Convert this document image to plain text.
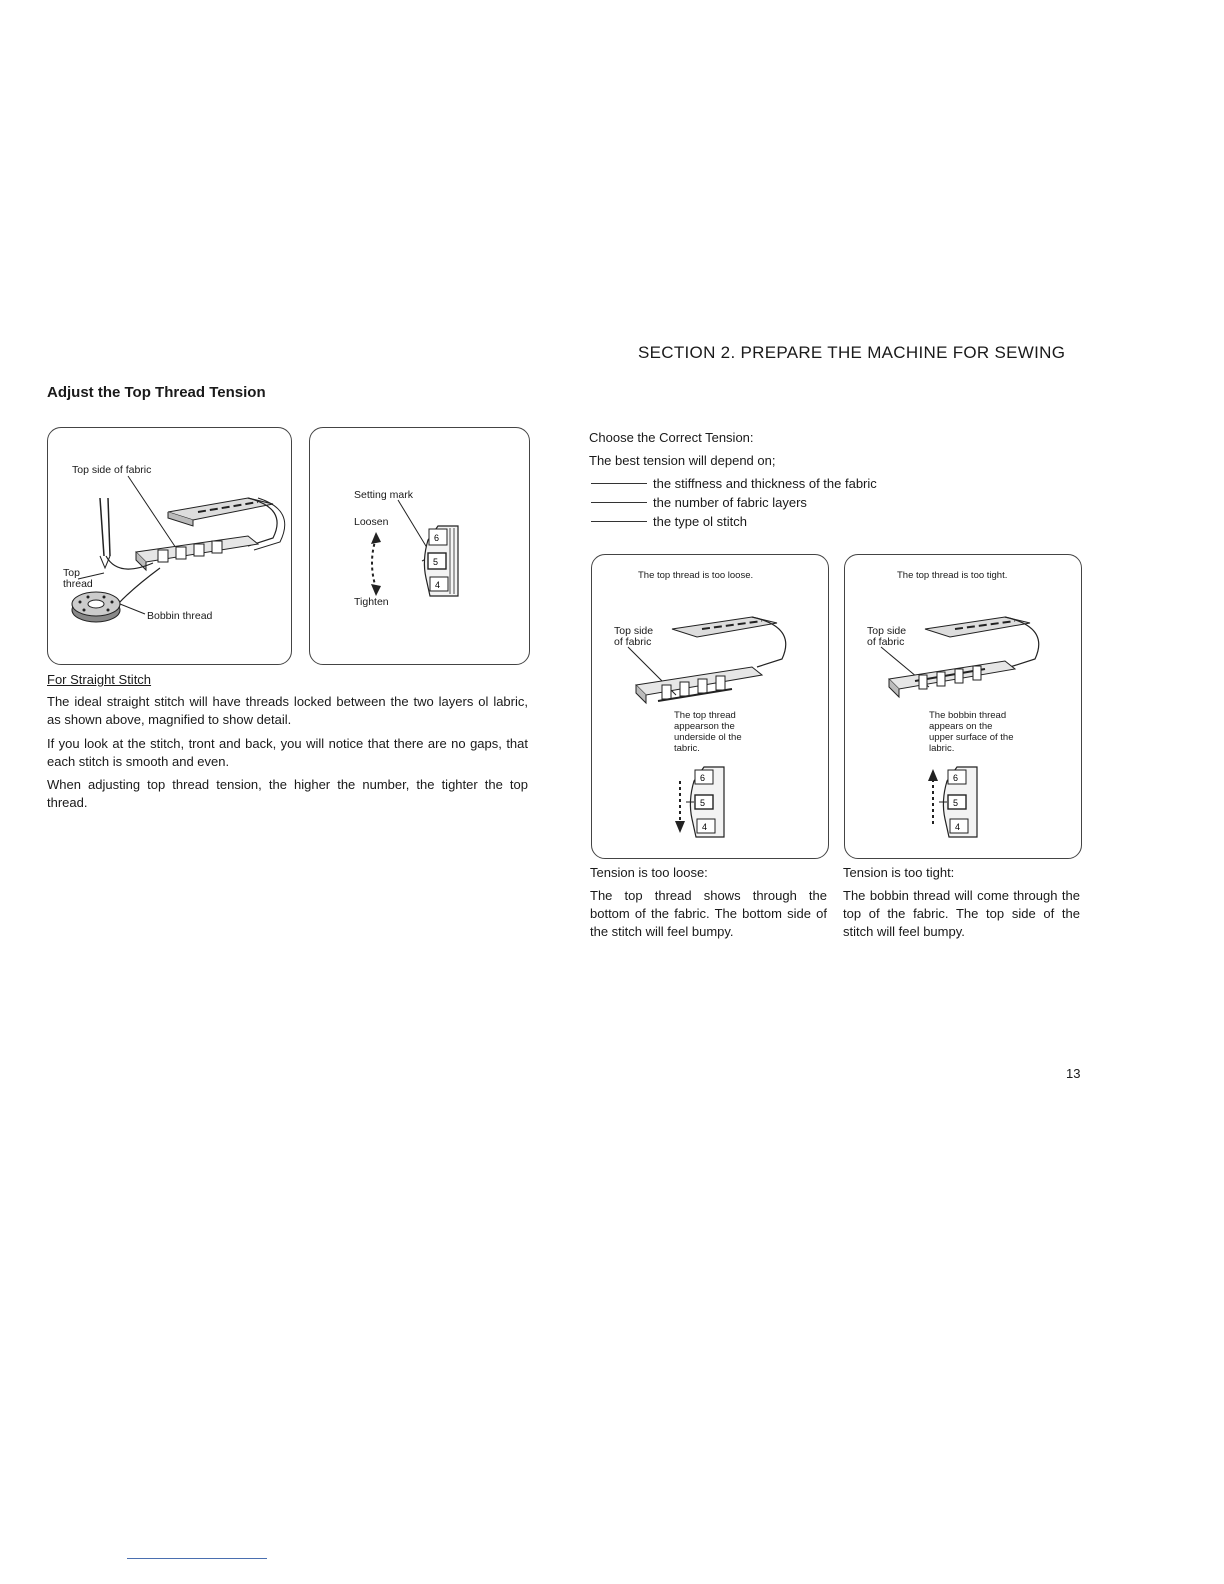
SECTION 2. PREPARE THE MACHINE FOR SEWING
Adjust the Top Thread Tension
Top side of fabric
Top
thread
Bobbin thread
Setting mark
Loosen
Tighten
6
5
4
For Straight Stitch
The ideal straight stitch will have threads locked between the two layers ol labric, as shown above, magnified to show detail.
If you look at the stitch, tront and back, you will notice that there are no gaps, that each stitch is smooth and even.
When adjusting top thread tension, the higher the number, the tighter the top thread.
Choose the Correct Tension:
The best tension will depend on;
the stiffness and thickness of the fabric
the number of fabric layers
the type ol stitch
The top thread is too loose.
Top side
of fabric
The top thread
appearson the
underside ol the
tabric.
6
5
4
The top thread is too tight.
Top side
of fabric
The bobbin thread
appears on the
upper surface of the
labric.
6
5
4
Tension is too loose:
The top thread shows through the bottom of the fabric. The bottom side of the stitch will feel bumpy.
Tension is too tight:
The bobbin thread will come through the top of the fabric. The top side of the stitch will feel bumpy.
13
